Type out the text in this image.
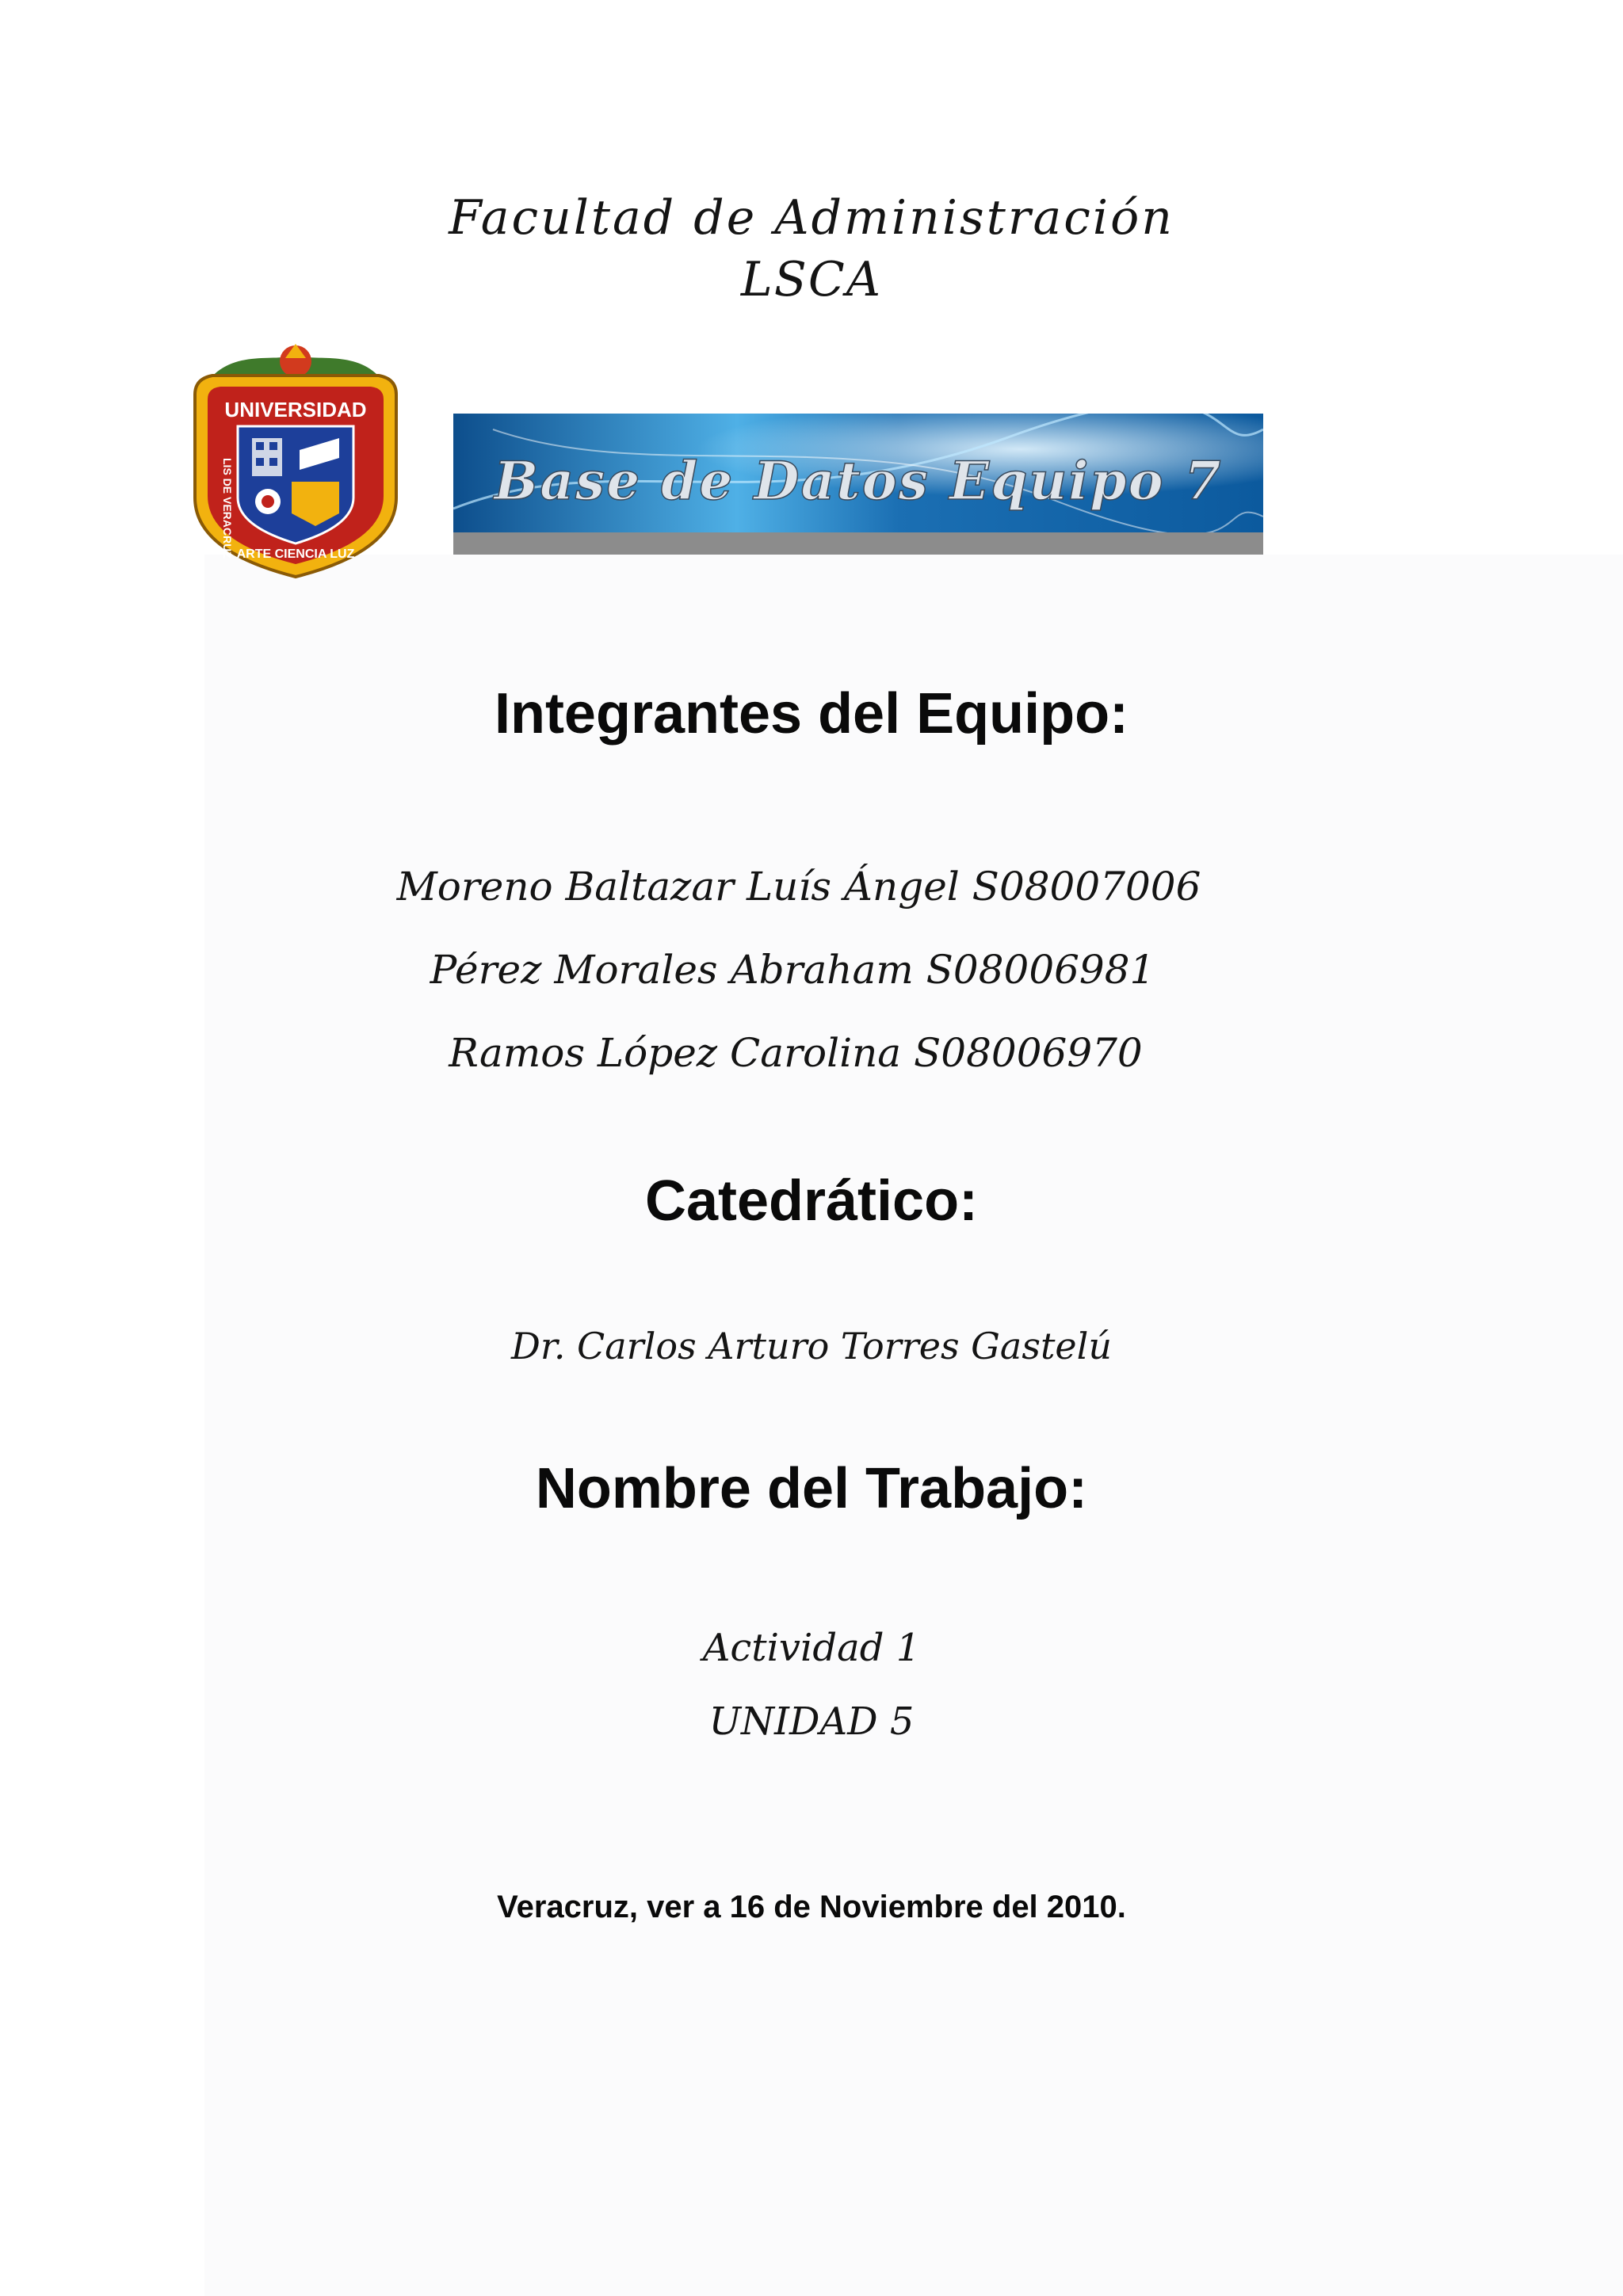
Facultad de Administración
LSCA
UNIVERSIDAD
LIS DE VERACRUZ ARTE CIENCIA LUZ
Base de Datos Equipo 7
Integrantes del Equipo:
Moreno Baltazar Luís Ángel S08007006
Pérez Morales Abraham S08006981
Ramos López Carolina S08006970
Catedrático:
Dr. Carlos Arturo Torres Gastelú
Nombre del Trabajo:
Actividad 1
UNIDAD 5
Veracruz, ver a 16 de Noviembre del 2010.
